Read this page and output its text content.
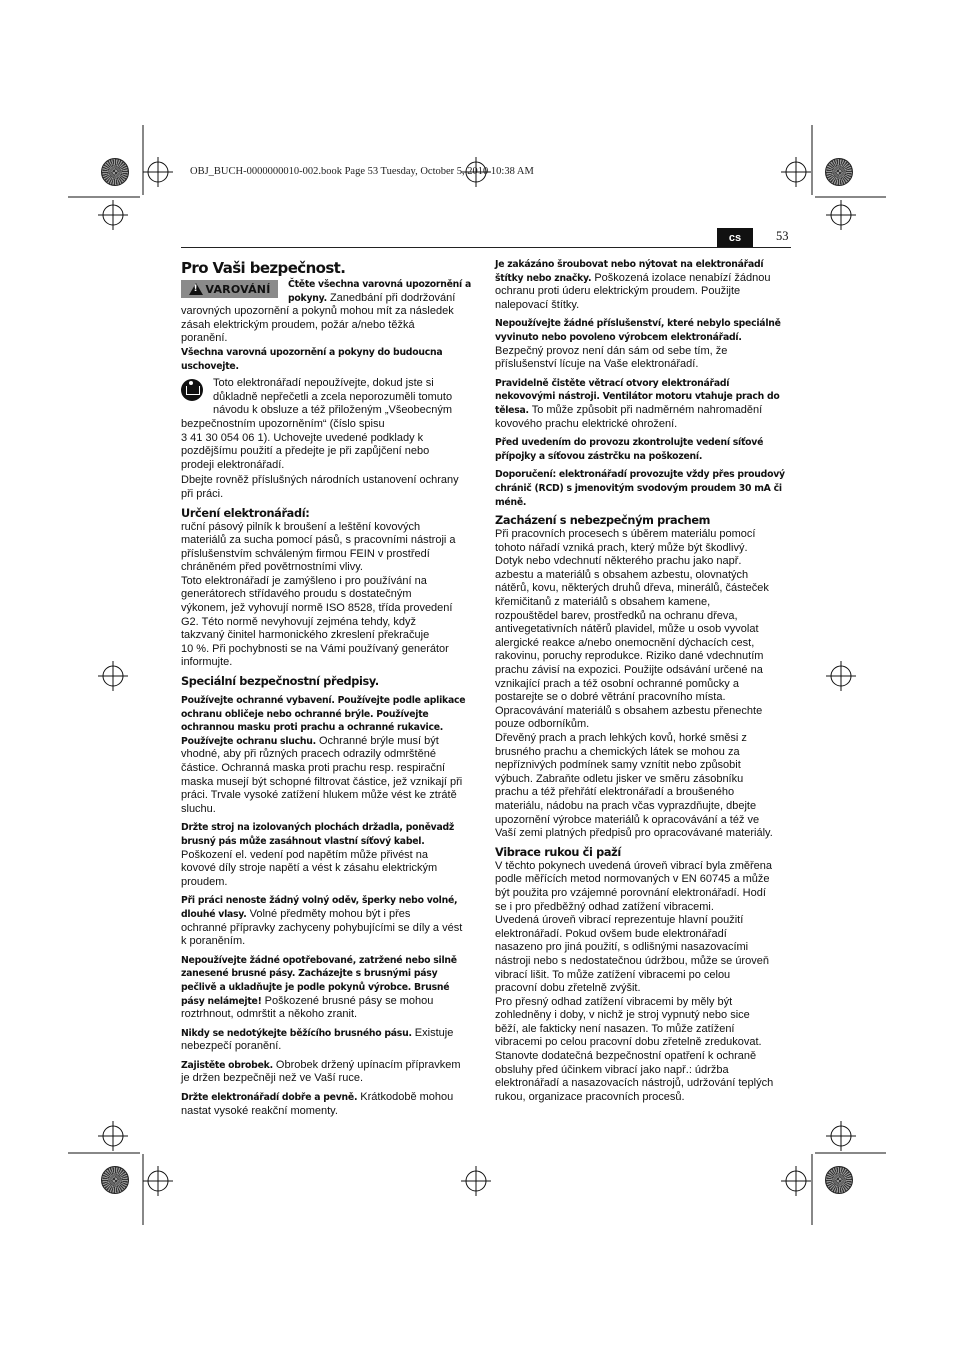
OBJ_BUCH-0000000010-002.book Page 53 Tuesday, October 5, 2010 10:38 AM
cs	53

Pro Vaši bezpečnost.

!
VAROVÁNÍ Čtěte všechna varovná upozornění a

pokyny. Zanedbání při dodržování

varovných upozornění a pokynů mohou mít za následek

zásah elektrickým proudem, požár a/nebo těžká

poranění.

Všechna varovná upozornění a pokyny do budoucna

uschovejte.

Toto elektronářadí nepoužívejte, dokud jste si

důkladně nepřečetli a zcela neporozuměli tomuto

návodu k obsluze a též přiloženým „Všeobecným

bezpečnostním upozorněním“ (číslo spisu

3 41 30 054 06 1). Uchovejte uvedené podklady k

pozdějšímu použití a předejte je při zapůjčení nebo

prodeji elektronářadí.

Dbejte rovněž příslušných národních ustanovení ochrany

při práci.

Určení elektronářadí:

ruční pásový pilník k broušení a leštění kovových

materiálů za sucha pomocí pásů, s pracovními nástroji a

příslušenstvím schváleným firmou FEIN v prostředí

chráněném před povětrnostními vlivy.

Toto elektronářadí je zamýšleno i pro používání na

generátorech střídavého proudu s dostatečným

výkonem, jež vyhovují normě ISO 8528, třída provedení

G2. Této normě nevyhovují zejména tehdy, když

takzvaný činitel harmonického zkreslení překračuje

10 %. Při pochybnosti se na Vámi používaný generátor

informujte.

Speciální bezpečnostní předpisy.

Používejte ochranné vybavení. Používejte podle aplikace

ochranu obličeje nebo ochranné brýle. Používejte

ochrannou masku proti prachu a ochranné rukavice.

Používejte ochranu sluchu. Ochranné brýle musí být

vhodné, aby při různých pracech odrazily odmrštěné

částice. Ochranná maska proti prachu resp. respirační

maska musejí být schopné filtrovat částice, jež vznikají při

práci. Trvale vysoké zatížení hlukem může vést ke ztrátě

sluchu.

Držte stroj na izolovaných plochách držadla, poněvadž

brusný pás může zasáhnout vlastní síťový kabel.

Poškození el. vedení pod napětím může přivést na

kovové díly stroje napětí a vést k zásahu elektrickým

proudem.

Při práci nenoste žádný volný oděv, šperky nebo volné,

dlouhé vlasy. Volné předměty mohou být i přes

ochranné přípravky zachyceny pohybujícími se díly a vést

k poraněním.

Nepoužívejte žádné opotřebované, zatržené nebo silně

zanesené brusné pásy. Zacházejte s brusnými pásy

pečlivě a ukladňujte je podle pokynů výrobce. Brusné

pásy nelámejte! Poškozené brusné pásy se mohou

roztrhnout, odmrštit a někoho zranit.

Nikdy se nedotýkejte běžícího brusného pásu. Existuje

nebezpečí poranění.

Zajistěte obrobek. Obrobek držený upínacím přípravkem

je držen bezpečněji než ve Vaší ruce.

Držte elektronářadí dobře a pevně. Krátkodobě mohou

nastat vysoké reakční momenty.

Je zakázáno šroubovat nebo nýtovat na elektronářadí

štítky nebo značky. Poškozená izolace nenabízí žádnou

ochranu proti úderu elektrickým proudem. Použijte

nalepovací štítky.

Nepoužívejte žádné příslušenství, které nebylo speciálně

vyvinuto nebo povoleno výrobcem elektronářadí.

Bezpečný provoz není dán sám od sebe tím, že

příslušenství lícuje na Vaše elektronářadí.

Pravidelně čistěte větrací otvory elektronářadí

nekovovými nástroji. Ventilátor motoru vtahuje prach do

tělesa. To může způsobit při nadměrném nahromadění

kovového prachu elektrické ohrožení.

Před uvedením do provozu zkontrolujte vedení síťové

přípojky a síťovou zástrčku na poškození.

Doporučení: elektronářadí provozujte vždy přes proudový

chránič (RCD) s jmenovitým svodovým proudem 30 mA či

méně.

Zacházení s nebezpečným prachem

Při pracovních procesech s úběrem materiálu pomocí

tohoto nářadí vzniká prach, který může být škodlivý.

Dotyk nebo vdechnutí některého prachu jako např.

azbestu a materiálů s obsahem azbestu, olovnatých

nátěrů, kovu, některých druhů dřeva, minerálů, částeček

křemičitanů z materiálů s obsahem kamene,

rozpouštědel barev, prostředků na ochranu dřeva,

antivegetativních nátěrů plavidel, může u osob vyvolat

alergické reakce a/nebo onemocnění dýchacích cest,

rakovinu, poruchy reprodukce. Riziko dané vdechnutím

prachu závisí na expozici. Použijte odsávání určené na

vznikající prach a též osobní ochranné pomůcky a

postarejte se o dobré větrání pracovního místa.

Opracovávání materiálů s obsahem azbestu přenechte

pouze odborníkům.

Dřevěný prach a prach lehkých kovů, horké směsi z

brusného prachu a chemických látek se mohou za

nepříznivých podmínek samy vznítit nebo způsobit

výbuch. Zabraňte odletu jisker ve směru zásobníku

prachu a též přehřátí elektronářadí a broušeného

materiálu, nádobu na prach včas vyprazdňujte, dbejte

upozornění výrobce materiálů k opracovávání a též ve

Vaší zemi platných předpisů pro opracovávané materiály.

Vibrace rukou či paží

V těchto pokynech uvedená úroveň vibrací byla změřena

podle měřících metod normovaných v EN 60745 a může

být použita pro vzájemné porovnání elektronářadí. Hodí

se i pro předběžný odhad zatížení vibracemi.

Uvedená úroveň vibrací reprezentuje hlavní použití

elektronářadí. Pokud ovšem bude elektronářadí

nasazeno pro jiná použití, s odlišnými nasazovacími

nástroji nebo s nedostatečnou údržbou, může se úroveň

vibrací lišit. To může zatížení vibracemi po celou

pracovní dobu zřetelně zvýšit.

Pro přesný odhad zatížení vibracemi by měly být

zohledněny i doby, v nichž je stroj vypnutý nebo sice

běží, ale fakticky není nasazen. To může zatížení

vibracemi po celou pracovní dobu zřetelně zredukovat.

Stanovte dodatečná bezpečnostní opatření k ochraně

obsluhy před účinkem vibrací jako např.: údržba

elektronářadí a nasazovacích nástrojů, udržování teplých

rukou, organizace pracovních procesů.
